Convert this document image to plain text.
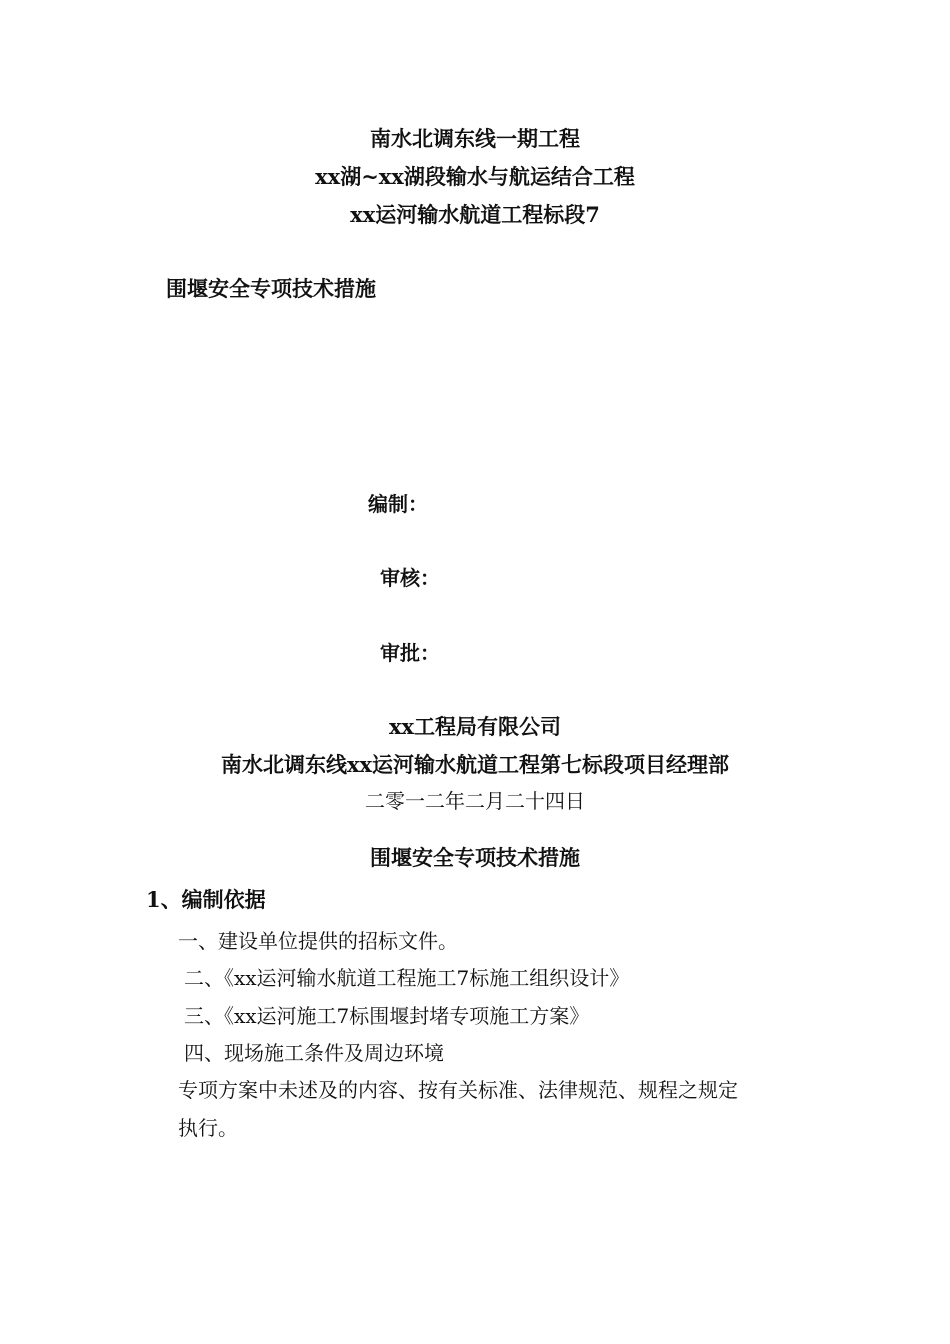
南水北调东线一期工程
xx湖~xx湖段输水与航运结合工程
xx运河输水航道工程标段7
围堰安全专项技术措施
编制：
审核：
审批：
xx工程局有限公司
南水北调东线xx运河输水航道工程第七标段项目经理部
二零一二年二月二十四日
围堰安全专项技术措施
1、编制依据
一、建设单位提供的招标文件。
二、《xx运河输水航道工程施工7标施工组织设计》
三、《xx运河施工7标围堰封堵专项施工方案》
四、现场施工条件及周边环境
专项方案中未述及的内容、按有关标准、法律规范、规程之规定
执行。
